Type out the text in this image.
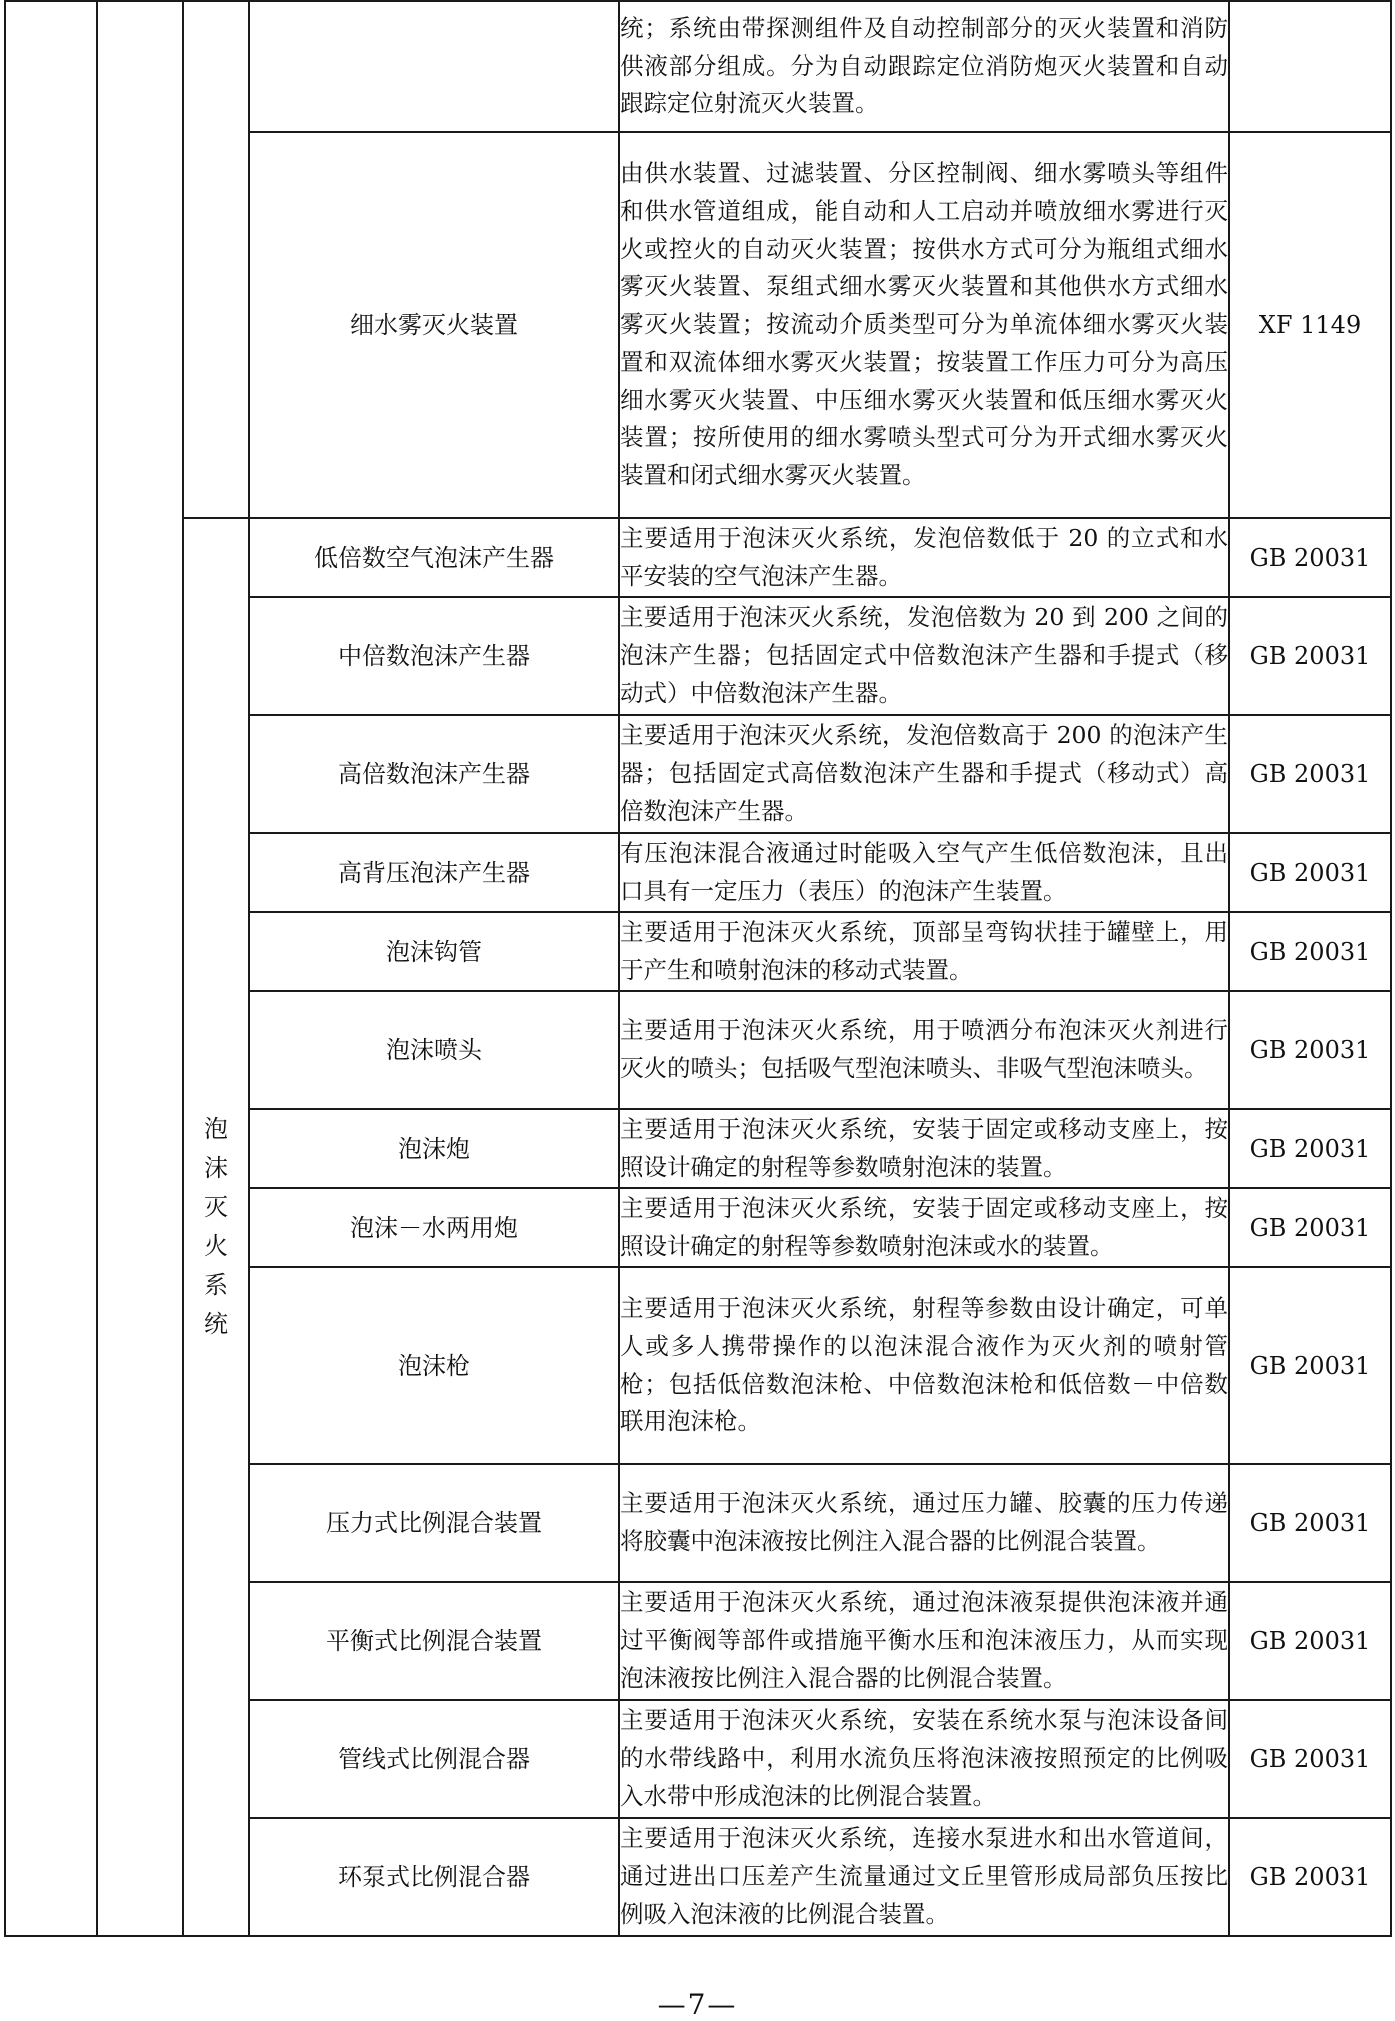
				统；系统由带探测组件及自动控制部分的灭火装置和消防供液部分组成。分为自动跟踪定位消防炮灭火装置和自动跟踪定位射流灭火装置。	
			细水雾灭火装置	由供水装置、过滤装置、分区控制阀、细水雾喷头等组件和供水管道组成，能自动和人工启动并喷放细水雾进行灭火或控火的自动灭火装置；按供水方式可分为瓶组式细水雾灭火装置、泵组式细水雾灭火装置和其他供水方式细水雾灭火装置；按流动介质类型可分为单流体细水雾灭火装置和双流体细水雾灭火装置；按装置工作压力可分为高压细水雾灭火装置、中压细水雾灭火装置和低压细水雾灭火装置；按所使用的细水雾喷头型式可分为开式细水雾灭火装置和闭式细水雾灭火装置。	XF 1149
		泡沫灭火系统	低倍数空气泡沫产生器	主要适用于泡沫灭火系统，发泡倍数低于 20 的立式和水平安装的空气泡沫产生器。	GB 20031
			中倍数泡沫产生器	主要适用于泡沫灭火系统，发泡倍数为 20 到 200 之间的泡沫产生器；包括固定式中倍数泡沫产生器和手提式（移动式）中倍数泡沫产生器。	GB 20031
			高倍数泡沫产生器	主要适用于泡沫灭火系统，发泡倍数高于 200 的泡沫产生器；包括固定式高倍数泡沫产生器和手提式（移动式）高倍数泡沫产生器。	GB 20031
			高背压泡沫产生器	有压泡沫混合液通过时能吸入空气产生低倍数泡沫，且出口具有一定压力（表压）的泡沫产生装置。	GB 20031
			泡沫钩管	主要适用于泡沫灭火系统，顶部呈弯钩状挂于罐壁上，用于产生和喷射泡沫的移动式装置。	GB 20031
			泡沫喷头	主要适用于泡沫灭火系统，用于喷洒分布泡沫灭火剂进行灭火的喷头；包括吸气型泡沫喷头、非吸气型泡沫喷头。	GB 20031
			泡沫炮	主要适用于泡沫灭火系统，安装于固定或移动支座上，按照设计确定的射程等参数喷射泡沫的装置。	GB 20031
			泡沫－水两用炮	主要适用于泡沫灭火系统，安装于固定或移动支座上，按照设计确定的射程等参数喷射泡沫或水的装置。	GB 20031
			泡沫枪	主要适用于泡沫灭火系统，射程等参数由设计确定，可单人或多人携带操作的以泡沫混合液作为灭火剂的喷射管枪；包括低倍数泡沫枪、中倍数泡沫枪和低倍数－中倍数联用泡沫枪。	GB 20031
			压力式比例混合装置	主要适用于泡沫灭火系统，通过压力罐、胶囊的压力传递将胶囊中泡沫液按比例注入混合器的比例混合装置。	GB 20031
			平衡式比例混合装置	主要适用于泡沫灭火系统，通过泡沫液泵提供泡沫液并通过平衡阀等部件或措施平衡水压和泡沫液压力，从而实现泡沫液按比例注入混合器的比例混合装置。	GB 20031
			管线式比例混合器	主要适用于泡沫灭火系统，安装在系统水泵与泡沫设备间的水带线路中，利用水流负压将泡沫液按照预定的比例吸入水带中形成泡沫的比例混合装置。	GB 20031
			环泵式比例混合器	主要适用于泡沫灭火系统，连接水泵进水和出水管道间，通过进出口压差产生流量通过文丘里管形成局部负压按比例吸入泡沫液的比例混合装置。	GB 20031
—7—
